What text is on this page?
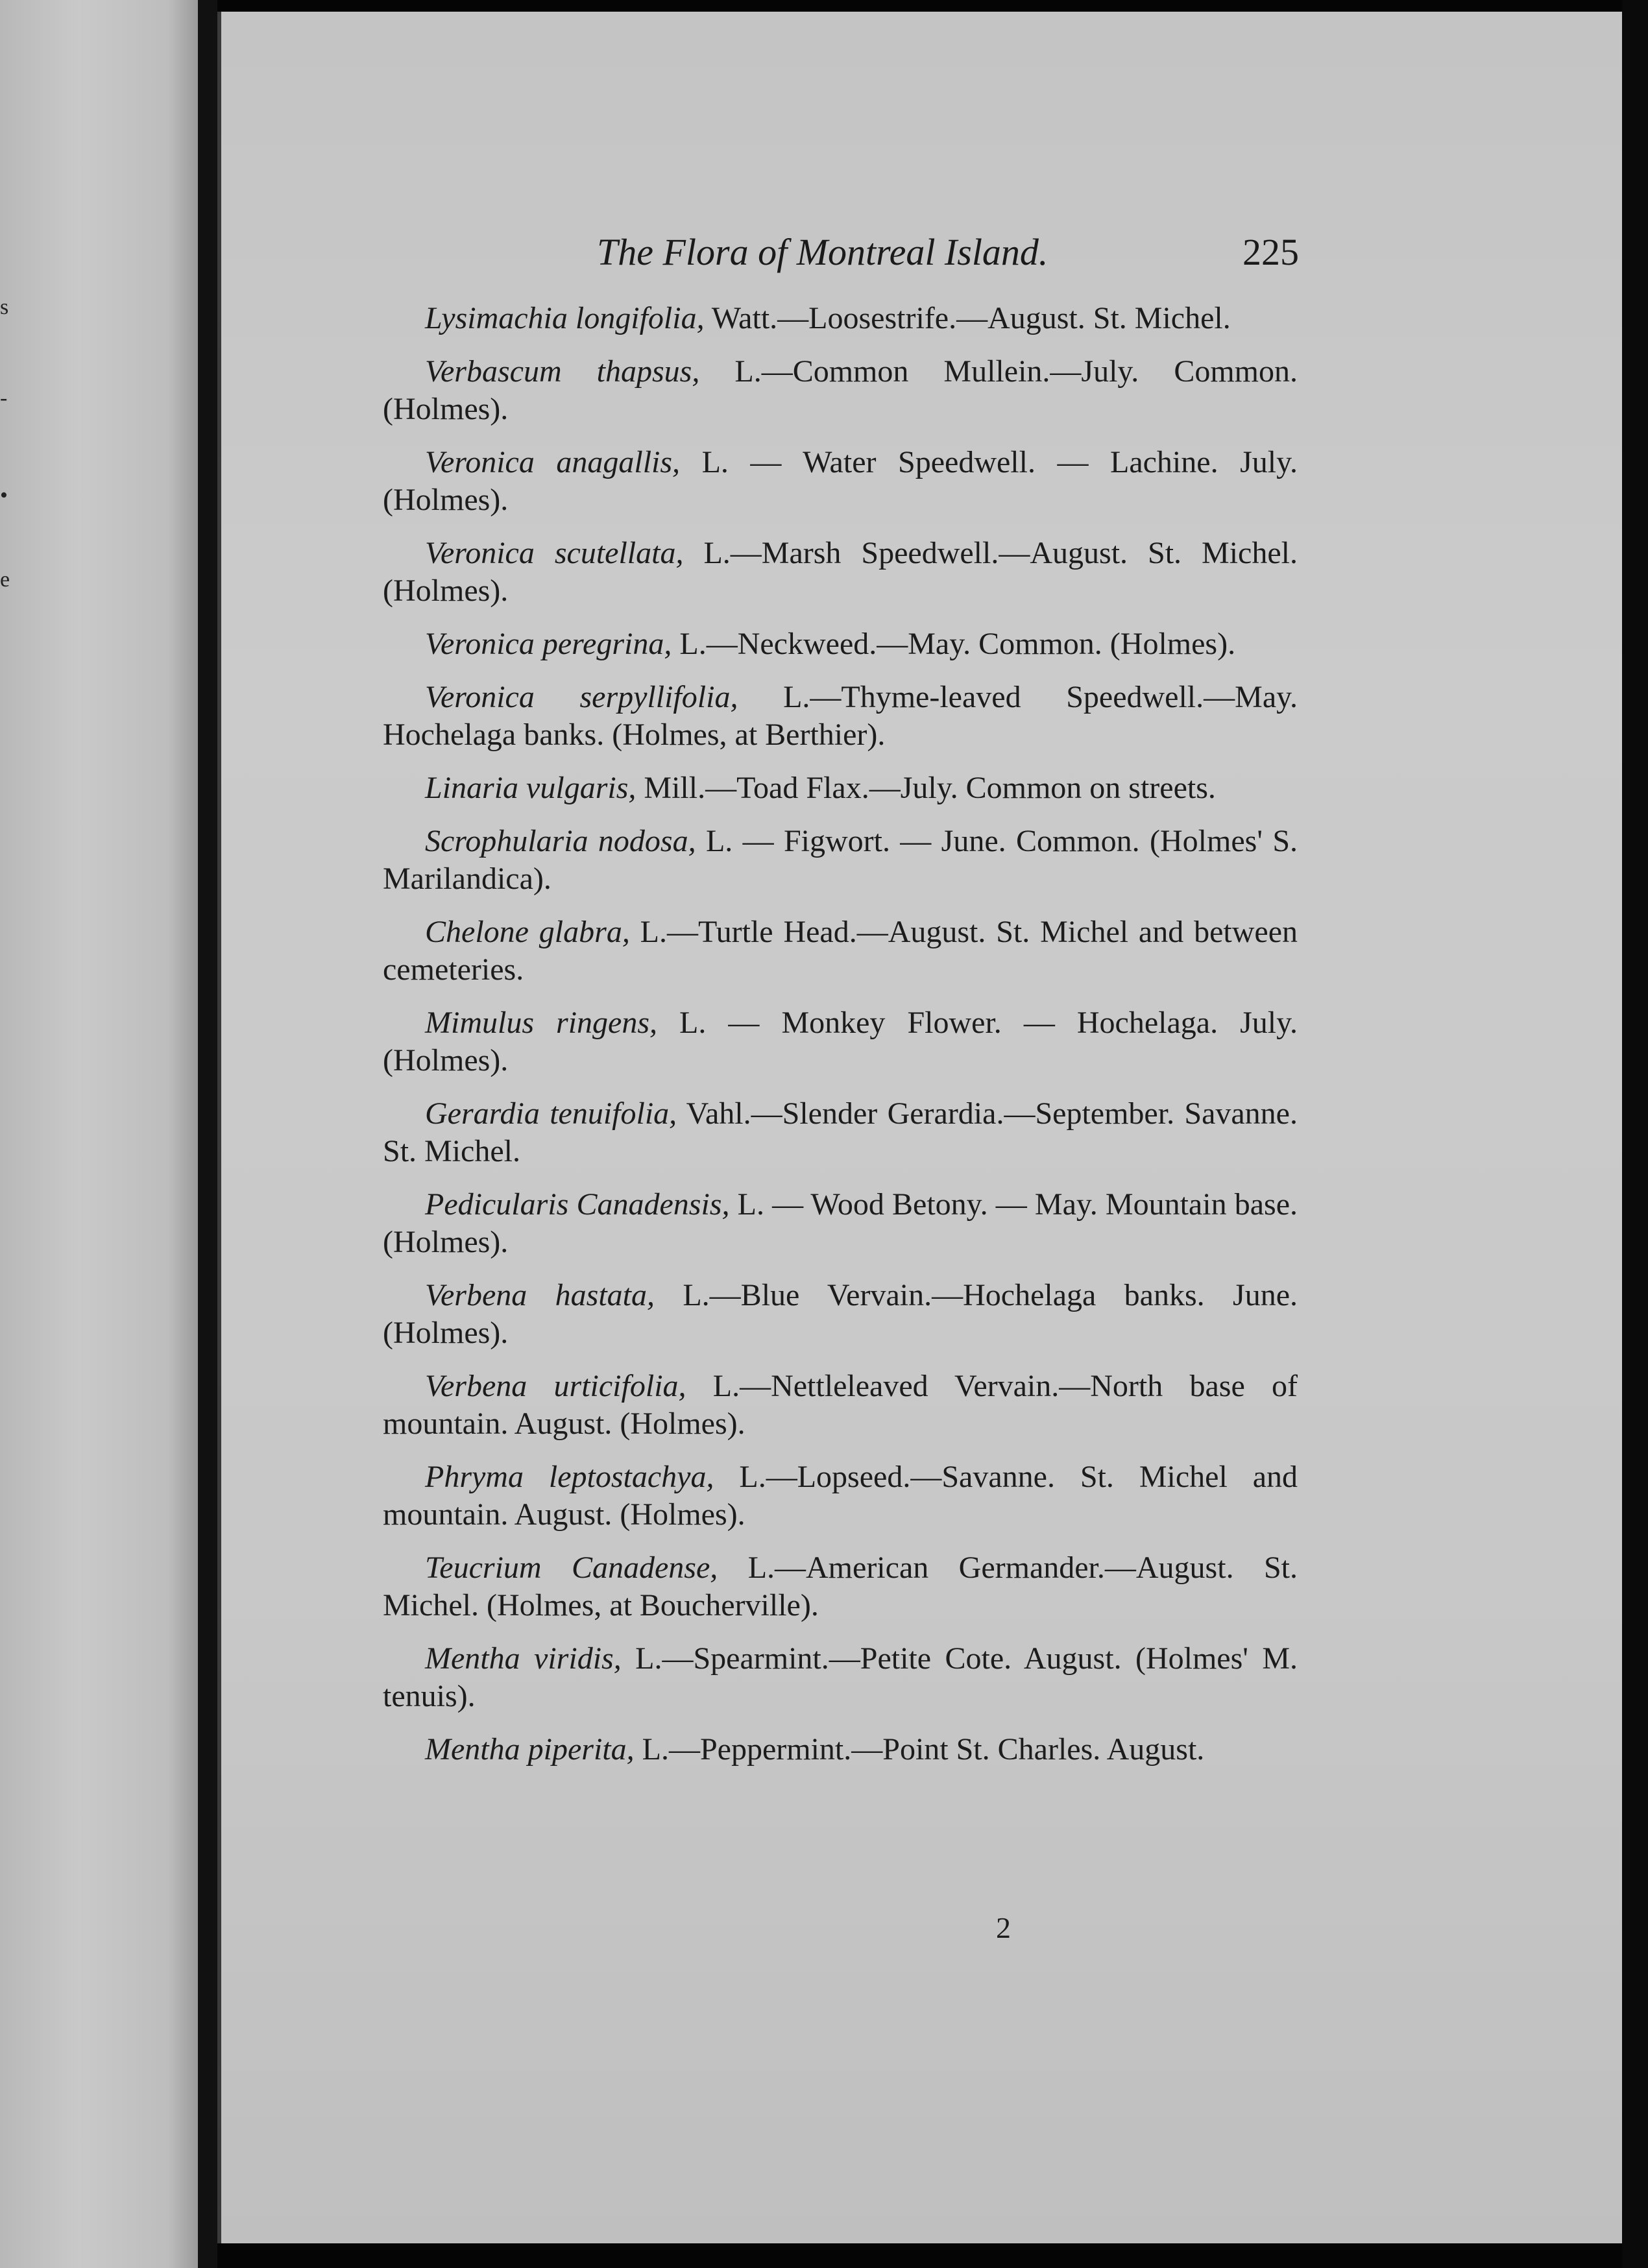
s
-
•
e
The Flora of Montreal Island.	225

Lysimachia longifolia, Watt.—Loosestrife.—August. St. Michel.

Verbascum thapsus, L.—Common Mullein.—July. Common. (Holmes).

Veronica anagallis, L. — Water Speedwell. — Lachine. July. (Holmes).

Veronica scutellata, L.—Marsh Speedwell.—August. St. Michel. (Holmes).

Veronica peregrina, L.—Neckweed.—May. Common. (Holmes).

Veronica serpyllifolia, L.—Thyme-leaved Speedwell.—May. Hochelaga banks. (Holmes, at Berthier).

Linaria vulgaris, Mill.—Toad Flax.—July. Common on streets.

Scrophularia nodosa, L. — Figwort. — June. Common. (Holmes' S. Marilandica).

Chelone glabra, L.—Turtle Head.—August. St. Michel and between cemeteries.

Mimulus ringens, L. — Monkey Flower. — Hochelaga. July. (Holmes).

Gerardia tenuifolia, Vahl.—Slender Gerardia.—September. Savanne. St. Michel.

Pedicularis Canadensis, L. — Wood Betony. — May. Mountain base. (Holmes).

Verbena hastata, L.—Blue Vervain.—Hochelaga banks. June. (Holmes).

Verbena urticifolia, L.—Nettleleaved Vervain.—North base of mountain. August. (Holmes).

Phryma leptostachya, L.—Lopseed.—Savanne. St. Michel and mountain. August. (Holmes).

Teucrium Canadense, L.—American Germander.—August. St. Michel. (Holmes, at Boucherville).

Mentha viridis, L.—Spearmint.—Petite Cote. August. (Holmes' M. tenuis).

Mentha piperita, L.—Peppermint.—Point St. Charles. August.

2
